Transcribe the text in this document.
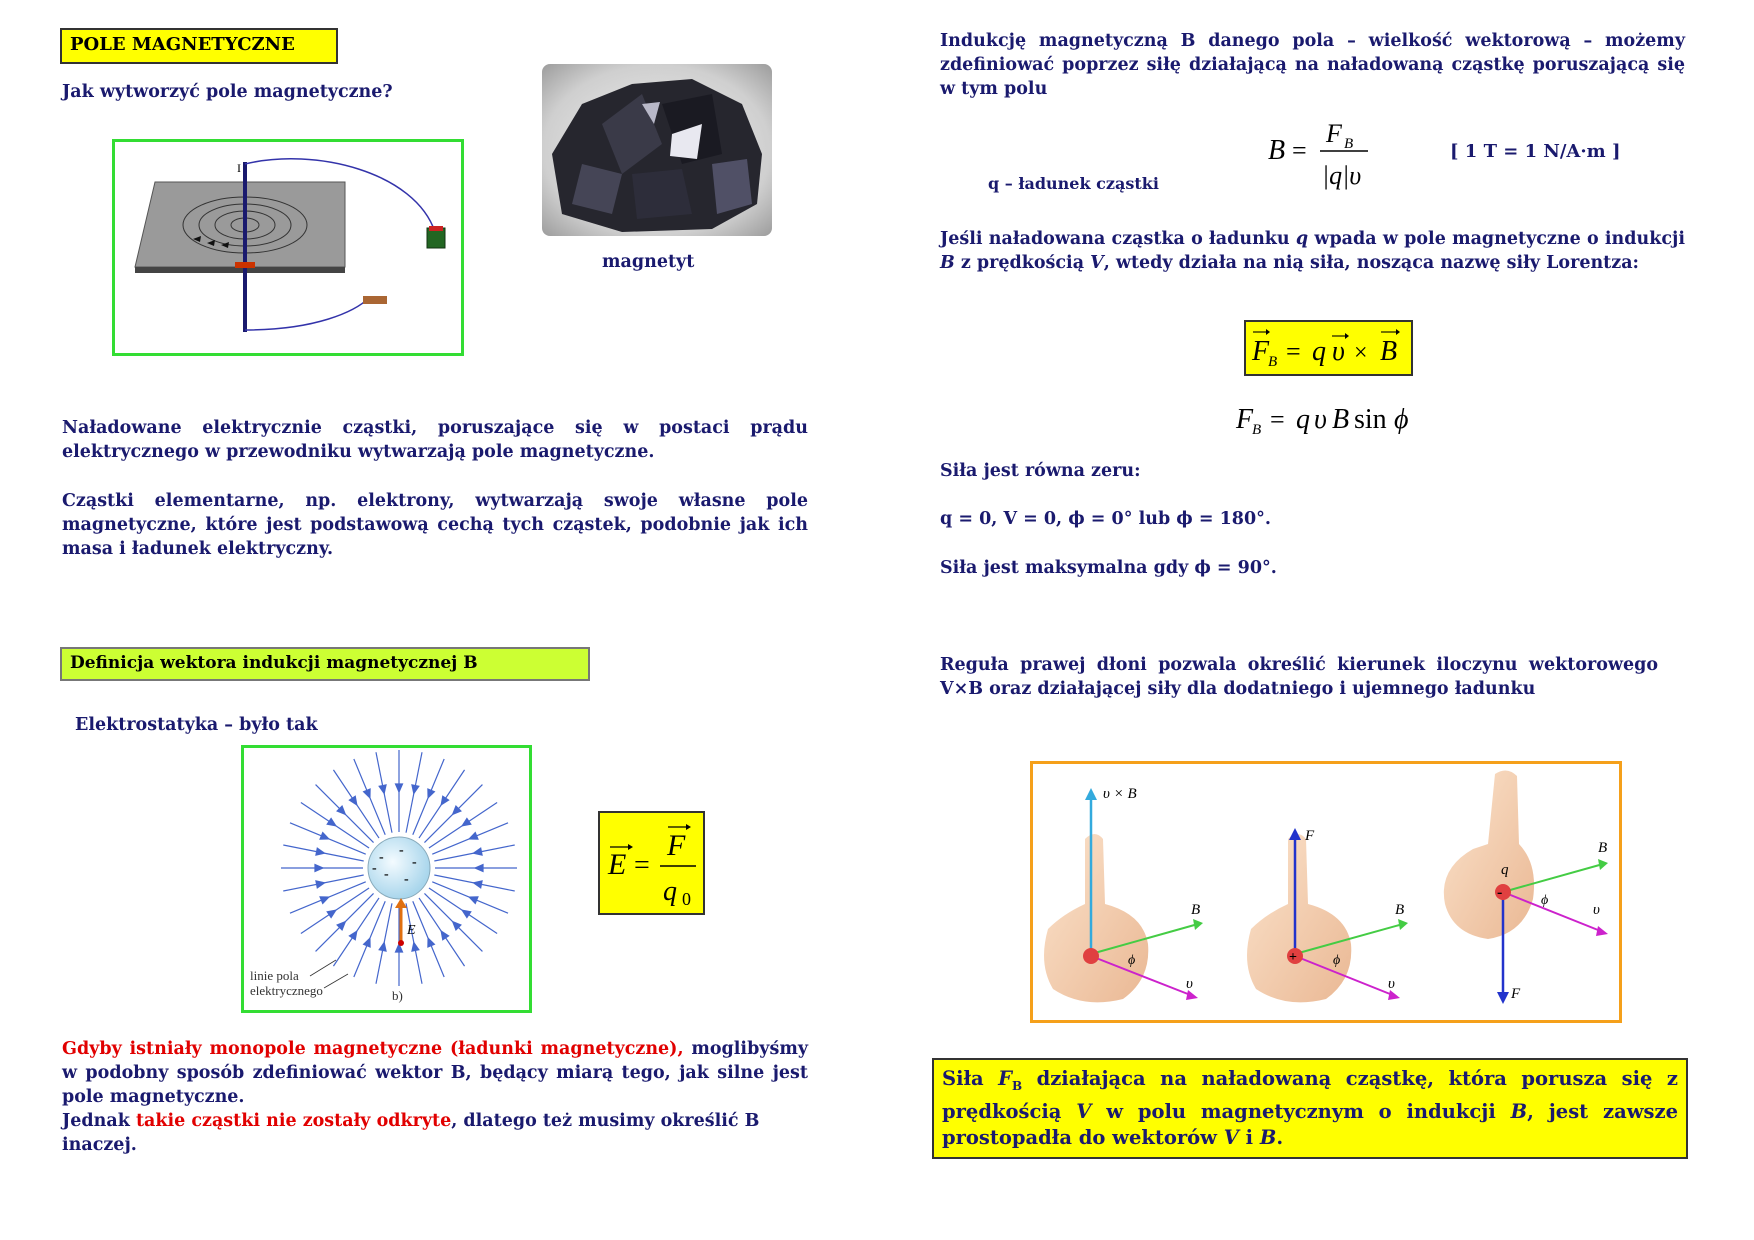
POLE MAGNETYCZNE
Jak wytworzyć pole magnetyczne?
I
magnetyt
Naładowane elektrycznie cząstki, poruszające się w postaci prądu elektrycznego w przewodniku wytwarzają pole magnetyczne.
Cząstki elementarne, np. elektrony, wytwarzają swoje własne pole magnetyczne, które jest podstawową cechą tych cząstek, podobnie jak ich masa i ładunek elektryczny.
Definicja wektora indukcji magnetycznej B
Elektrostatyka – było tak
- -
-
- -
-
E
linie pola
elektrycznego	b)
E =
F
q 0
Gdyby istniały monopole magnetyczne (ładunki magnetyczne), moglibyśmy w podobny sposób zdefiniować wektor B, będący miarą tego, jak silne jest pole magnetyczne.
Jednak takie cząstki nie zostały odkryte, dlatego też musimy określić B inaczej.
Indukcję magnetyczną B danego pola – wielkość wektorową – możemy zdefiniować poprzez siłę działającą na naładowaną cząstkę poruszającą się w tym polu
B =
F B
|q|υ
[ 1 T = 1 N/A·m ]
q – ładunek cząstki
Jeśli naładowana cząstka o ładunku q wpada w pole magnetyczne o indukcji B z prędkością V, wtedy działa na nią siła, nosząca nazwę siły Lorentza:
F
B = q υ × B
F
B = q υ B sin ϕ
Siła jest równa zeru:
q = 0, V = 0, ϕ = 0° lub ϕ = 180°.
Siła jest maksymalna gdy ϕ = 90°.
Reguła prawej dłoni pozwala określić kierunek iloczynu wektorowego V×B oraz działającej siły dla dodatniego i ujemnego ładunku
υ × B
B
υ
ϕ
F
B
υ
ϕ
+
B
υ
ϕ
q
F
-
Siła $F_B$ działająca na naładowaną cząstkę, która porusza się z prędkością V w polu magnetycznym o indukcji B, jest zawsze prostopadła do wektorów V i B.
